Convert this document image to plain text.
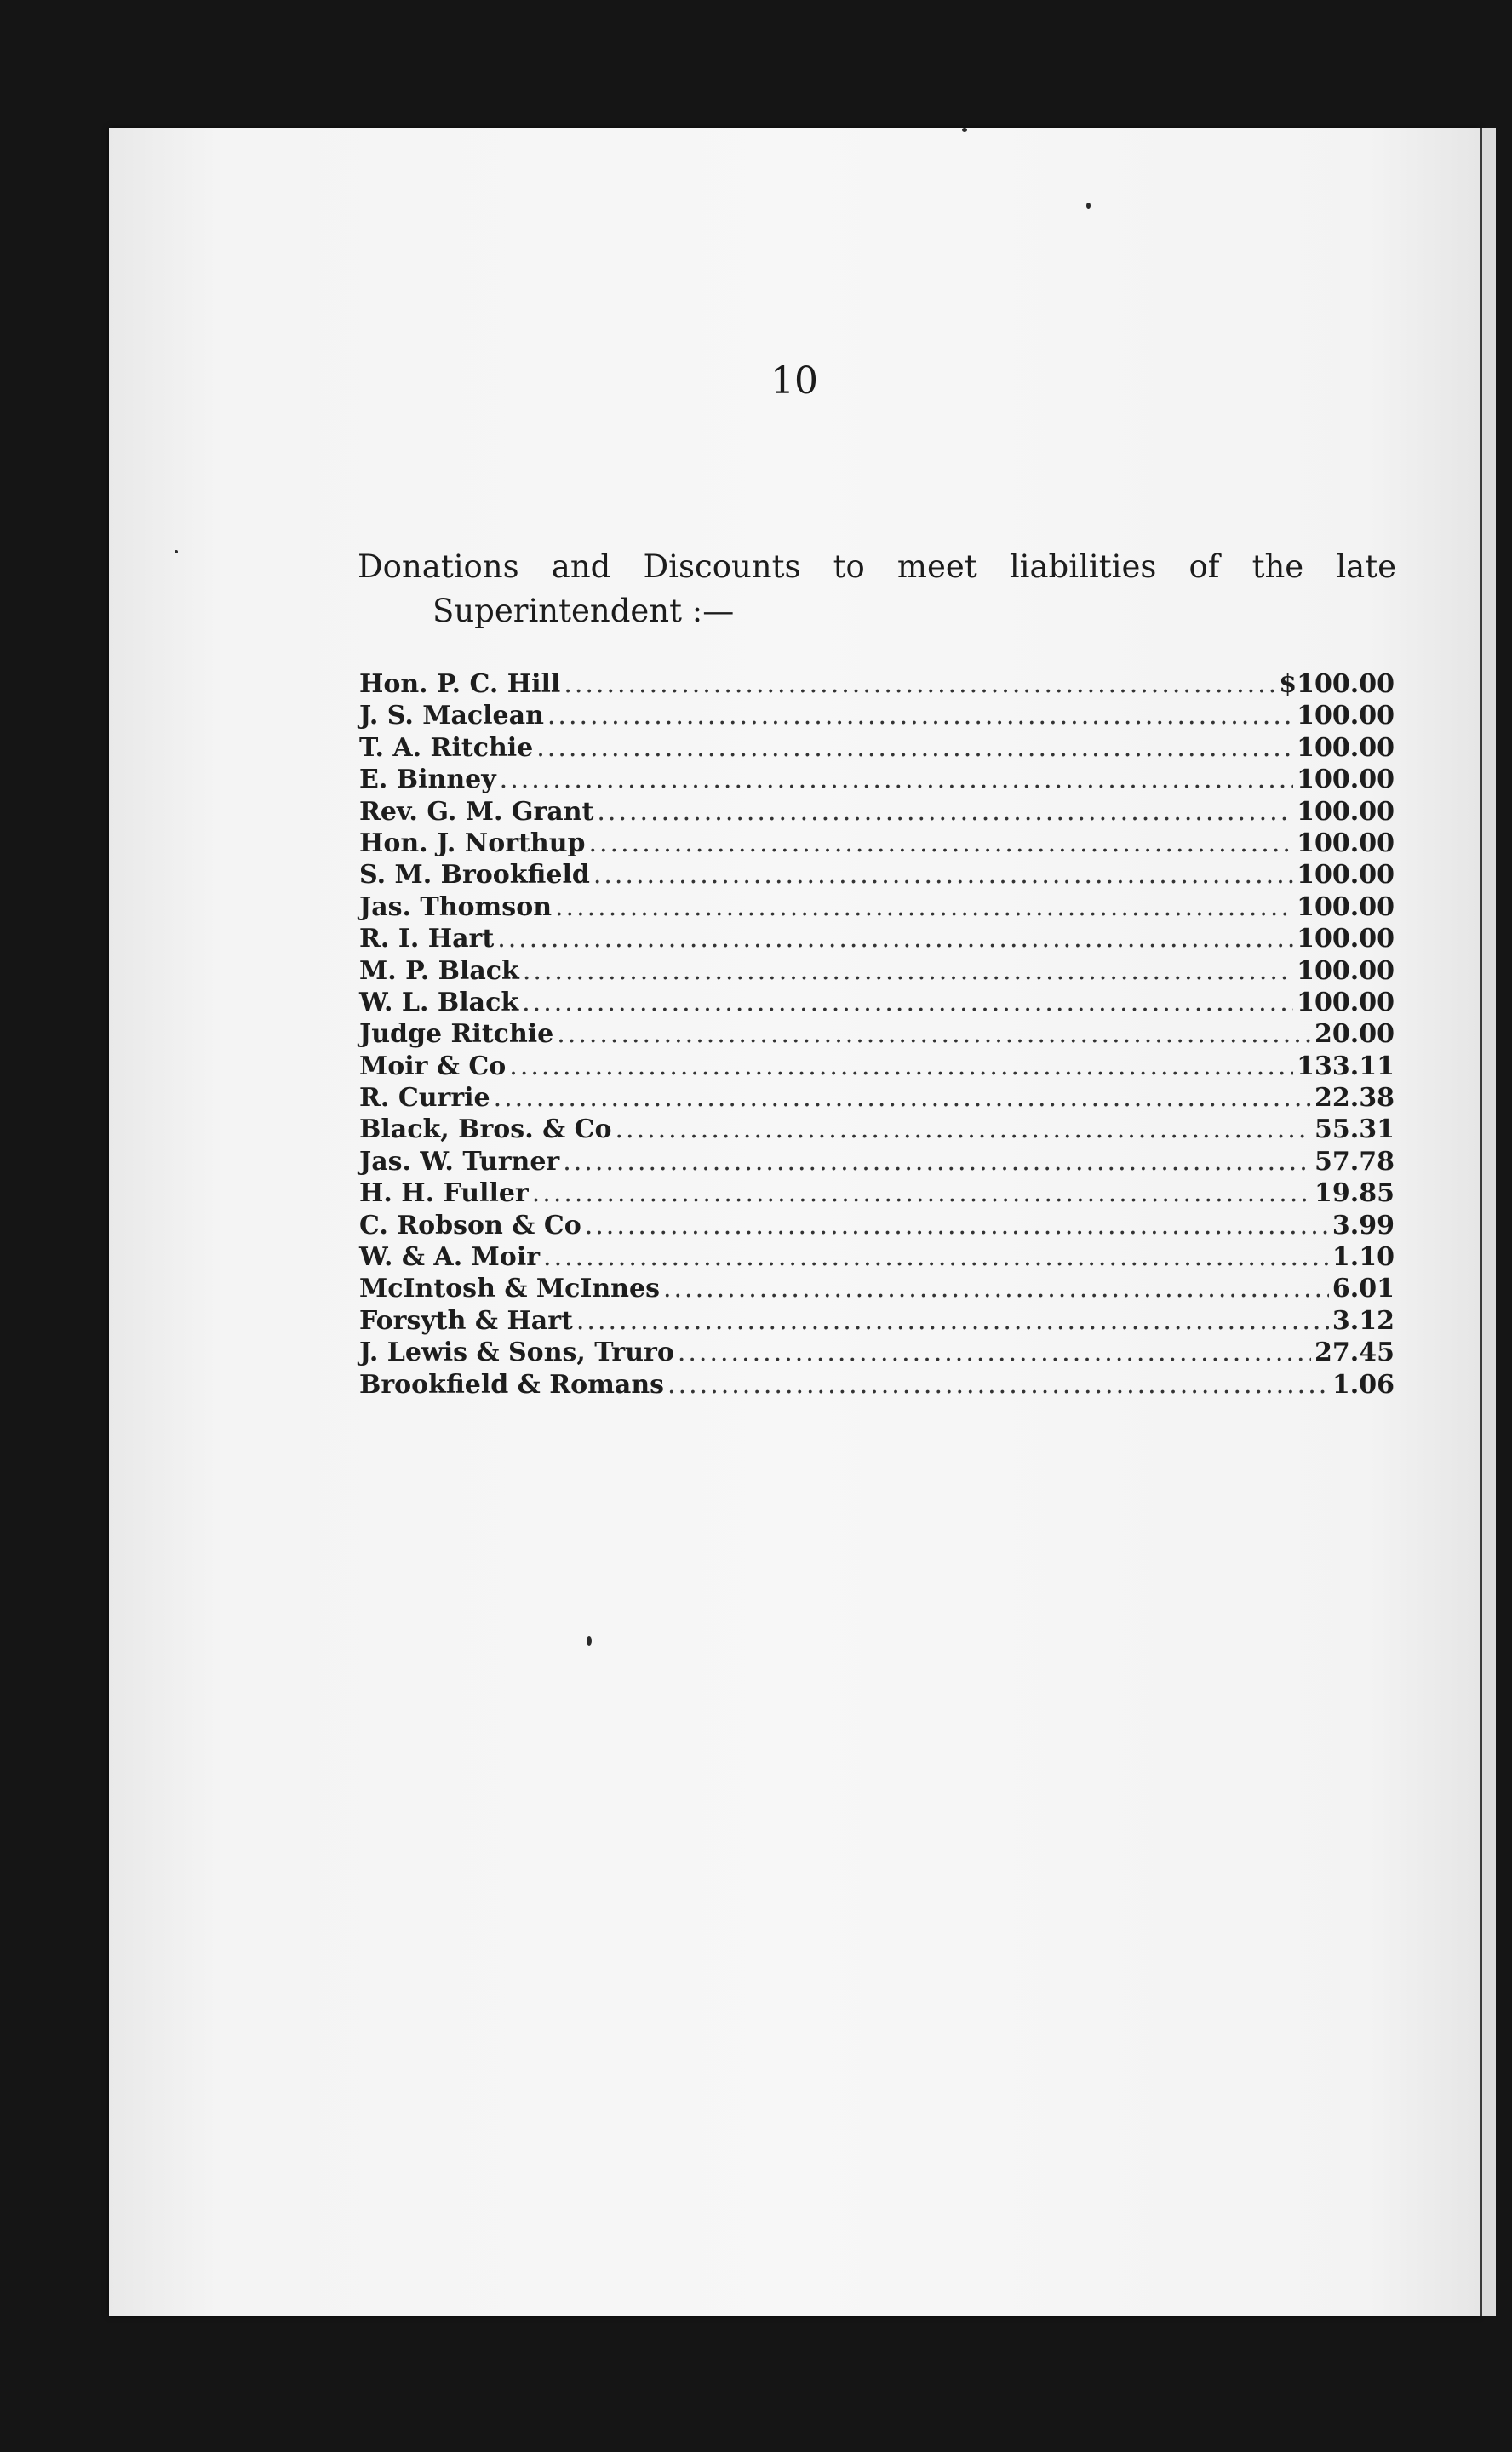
10
Donations and Discounts to meet liabilities of the late
Superintendent :—
Hon. P. C. Hill .....	$100.00
J. S. Maclean .....	100.00
T. A. Ritchie .....	100.00
E. Binney .....	100.00
Rev. G. M. Grant .....	100.00
Hon. J. Northup .....	100.00
S. M. Brookfield .....	100.00
Jas. Thomson .....	100.00
R. I. Hart .....	100.00
M. P. Black .....	100.00
W. L. Black .....	100.00
Judge Ritchie .....	20.00
Moir & Co .....	133.11
R. Currie .....	22.38
Black, Bros. & Co .....	55.31
Jas. W. Turner .....	57.78
H. H. Fuller .....	19.85
C. Robson & Co .....	3.99
W. & A. Moir .....	1.10
McIntosh & McInnes .....	6.01
Forsyth & Hart .....	3.12
J. Lewis & Sons, Truro .....	27.45
Brookfield & Romans .....	1.06
